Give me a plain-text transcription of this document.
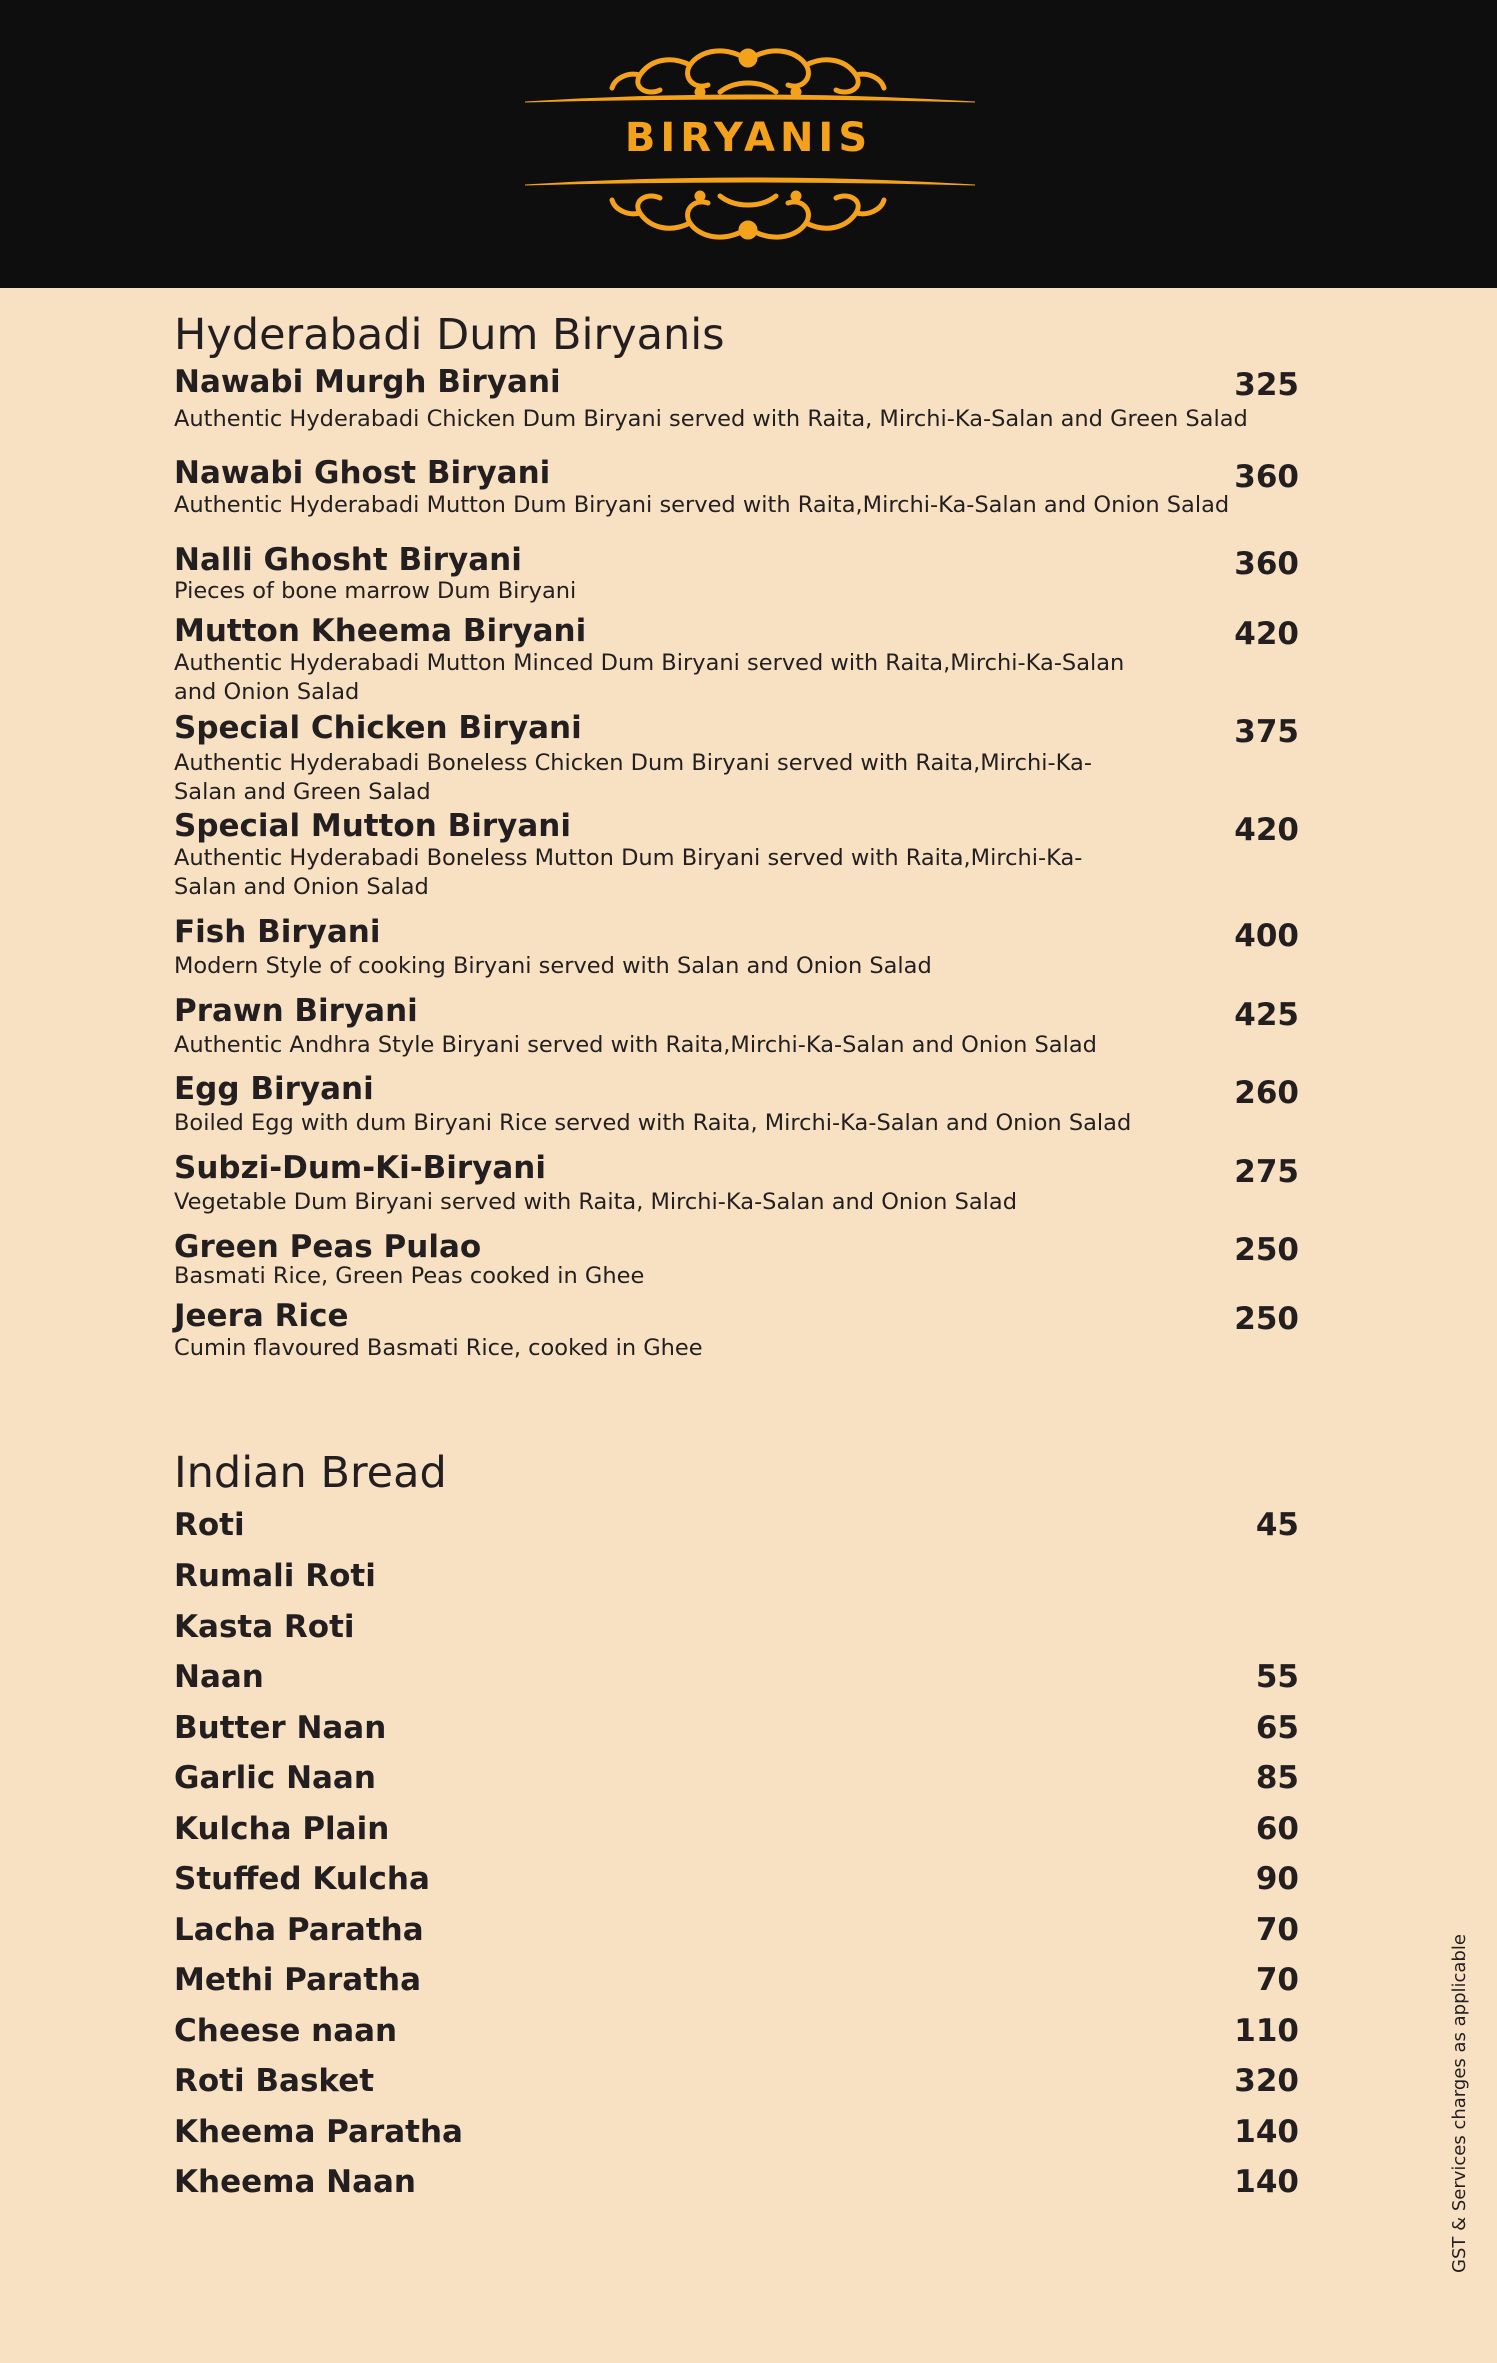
BIRYANIS
Hyderabadi Dum Biryanis
Nawabi Murgh Biryani
Authentic Hyderabadi Chicken Dum Biryani served with Raita, Mirchi-Ka-Salan and Green Salad
325
Nawabi Ghost Biryani
Authentic Hyderabadi Mutton Dum Biryani served with Raita,Mirchi-Ka-Salan and Onion Salad
360
Nalli Ghosht Biryani
Pieces of bone marrow Dum Biryani
360
Mutton Kheema Biryani
Authentic Hyderabadi Mutton Minced Dum Biryani served with Raita,Mirchi-Ka-Salan and Onion Salad
420
Special Chicken Biryani
Authentic Hyderabadi Boneless Chicken Dum Biryani served with Raita,Mirchi-Ka-Salan and Green Salad
375
Special Mutton Biryani
Authentic Hyderabadi Boneless Mutton Dum Biryani served with Raita,Mirchi-Ka-Salan and Onion Salad
420
Fish Biryani
Modern Style of cooking Biryani served with Salan and Onion Salad
400
Prawn Biryani
Authentic Andhra Style Biryani served with Raita,Mirchi-Ka-Salan and Onion Salad
425
Egg Biryani
Boiled Egg with dum Biryani Rice served with Raita, Mirchi-Ka-Salan and Onion Salad
260
Subzi-Dum-Ki-Biryani
Vegetable Dum Biryani served with Raita, Mirchi-Ka-Salan and Onion Salad
275
Green Peas Pulao
Basmati Rice, Green Peas cooked in Ghee
250
Jeera Rice
Cumin flavoured Basmati Rice, cooked in Ghee
250
Indian Bread
Roti	45
Rumali Roti
Kasta Roti
Naan	55
Butter Naan	65
Garlic Naan	85
Kulcha Plain	60
Stuffed Kulcha	90
Lacha Paratha	70
Methi Paratha	70
Cheese naan	110
Roti Basket	320
Kheema Paratha	140
Kheema Naan	140	GST & Services charges as applicable
